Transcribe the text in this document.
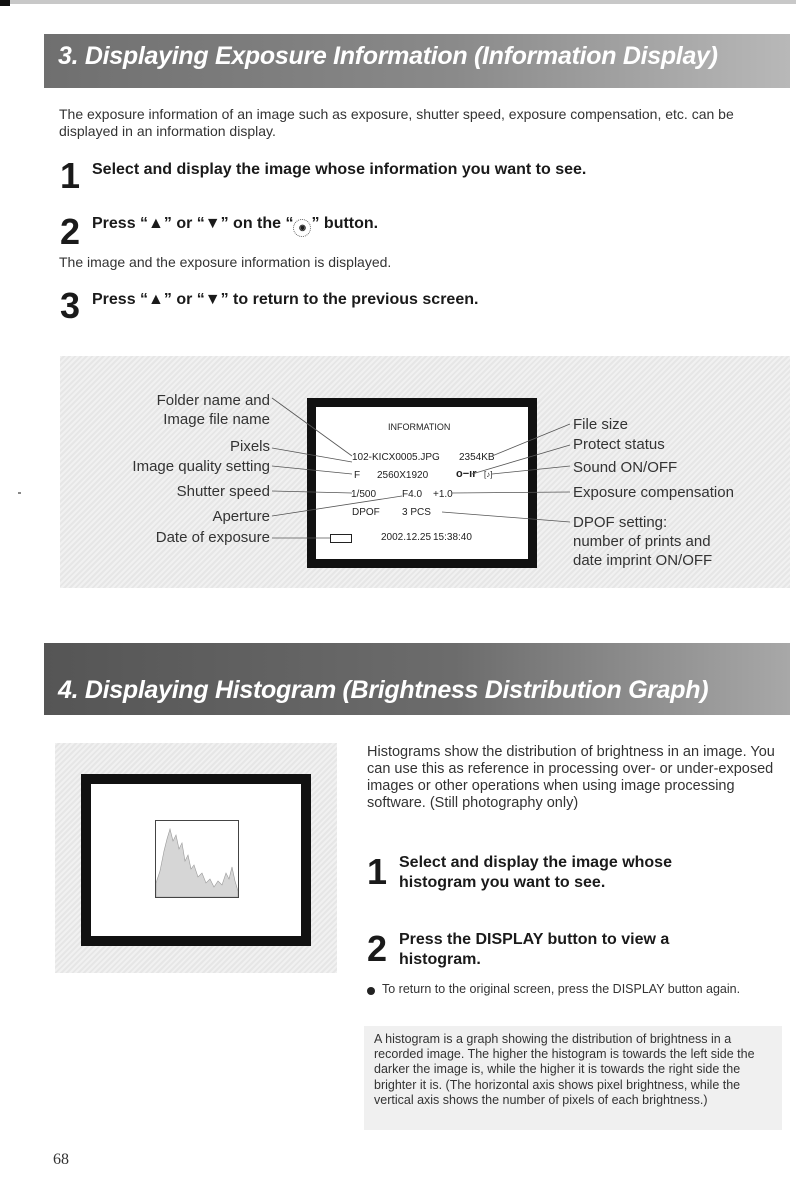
3. Displaying Exposure Information (Information Display)
The exposure information of an image such as exposure, shutter speed, exposure compensation, etc. can be displayed in an information display.
1 Select and display the image whose information you want to see.
2 Press “▲” or “▼” on the “ ◉ ” button.
The image and the exposure information is displayed.
3 Press “▲” or “▼” to return to the previous screen.
INFORMATION
102-KICX0005.JPG 2354KB
F 2560X1920	o−ır [♪]
1/500	F4.0 +1.0
DPOF 3 PCS
2002.12.25 15:38:40
Folder name and
Image file name
Pixels
Image quality setting
Shutter speed
Aperture
Date of exposure
File size
Protect status
Sound ON/OFF
Exposure compensation
DPOF setting:
number of prints and
date imprint ON/OFF
4. Displaying Histogram (Brightness Distribution Graph)
Histograms show the distribution of brightness in an image. You can use this as reference in processing over- or under-exposed images or other operations when using image processing software. (Still photography only)
1 Select and display the image whose histogram you want to see.
2 Press the DISPLAY button to view a histogram.
To return to the original screen, press the DISPLAY button again.
A histogram is a graph showing the distribution of brightness in a recorded image. The higher the histogram is towards the left side the darker the image is, while the higher it is towards the right side the brighter it is. (The horizontal axis shows pixel brightness, while the vertical axis shows the number of pixels of each brightness.)
68
